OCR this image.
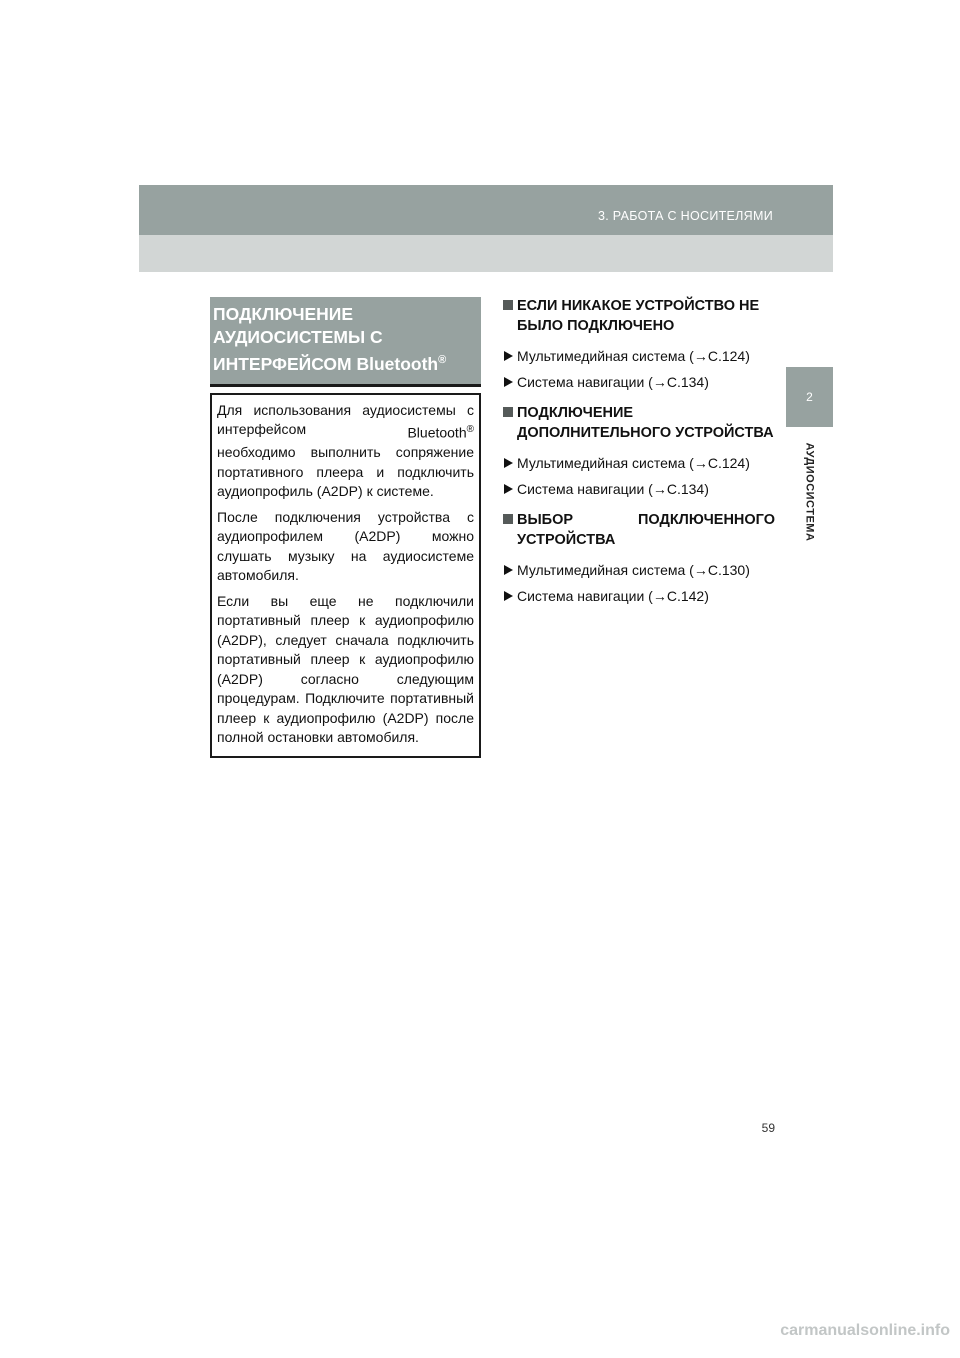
3. РАБОТА С НОСИТЕЛЯМИ
2
АУДИОСИСТЕМА
ПОДКЛЮЧЕНИЕ
АУДИОСИСТЕМЫ С
ИНТЕРФЕЙСОМ Bluetooth®

Для использования аудиосистемы с
интерфейсом	Bluetooth®
необходимо выполнить сопряжение портативного плеера и подключить аудиопрофиль (A2DP) к системе.

После подключения устройства с аудиопрофилем (A2DP) можно слушать музыку на аудиосистеме автомобиля.

Если вы еще не подключили портативный плеер к аудиопрофилю (A2DP), следует сначала подключить портативный плеер к аудиопрофилю (A2DP) согласно следующим процедурам. Подключите портативный плеер к аудиопрофилю (A2DP) после полной остановки автомобиля.

ЕСЛИ НИКАКОЕ УСТРОЙСТВО НЕ БЫЛО ПОДКЛЮЧЕНО
Мультимедийная система (→С.124)
Система навигации (→С.134)
ПОДКЛЮЧЕНИЕ ДОПОЛНИТЕЛЬНОГО УСТРОЙСТВА
Мультимедийная система (→С.124)
Система навигации (→С.134)
ВЫБОР ПОДКЛЮЧЕННОГО
УСТРОЙСТВА
Мультимедийная система (→С.130)
Система навигации (→С.142)
59
carmanualsonline.info
